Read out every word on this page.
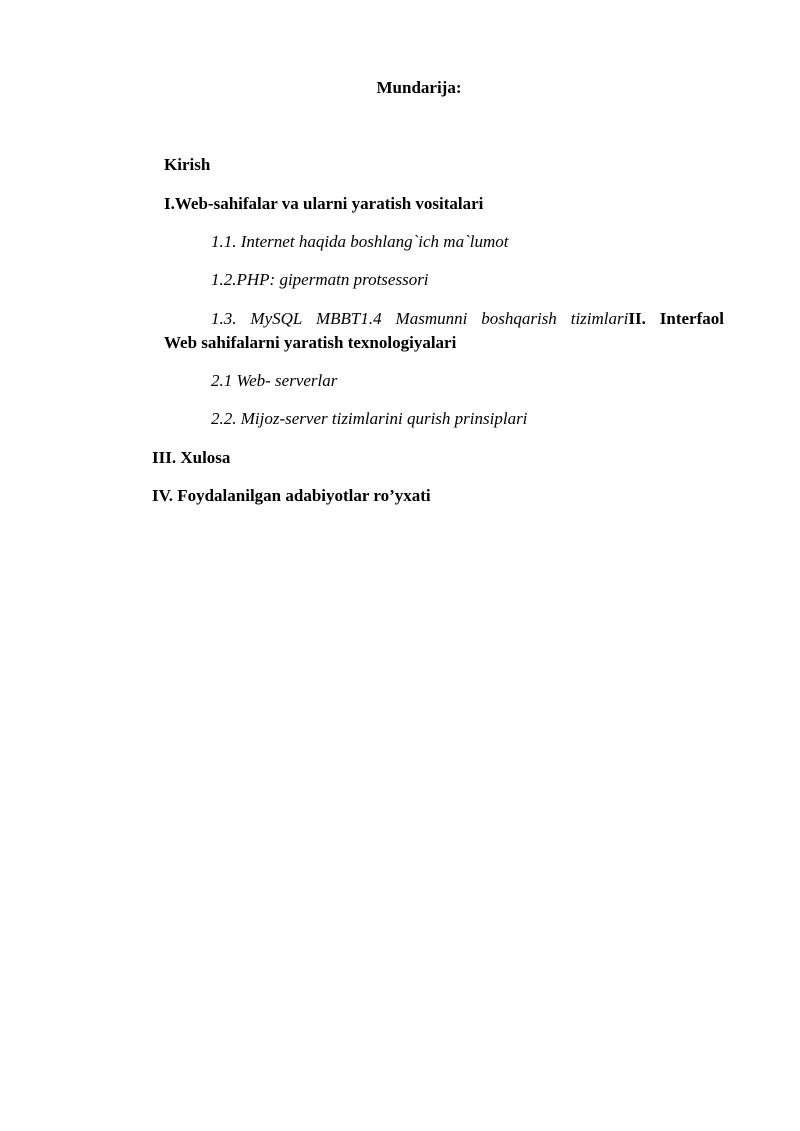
Mundarija:
Kirish
I.Web-sahifalar va ularni yaratish vositalari
1.1. Internet haqida boshlang`ich ma`lumot
1.2.PHP: gipermatn protsessori
1.3. MySQL MBBT1.4 Masmunni boshqarish tizimlariII. Interfaol
Web sahifalarni yaratish texnologiyalari
2.1 Web- serverlar
2.2. Mijoz-server tizimlarini qurish prinsiplari
III. Xulosa
IV. Foydalanilgan adabiyotlar ro’yxati
